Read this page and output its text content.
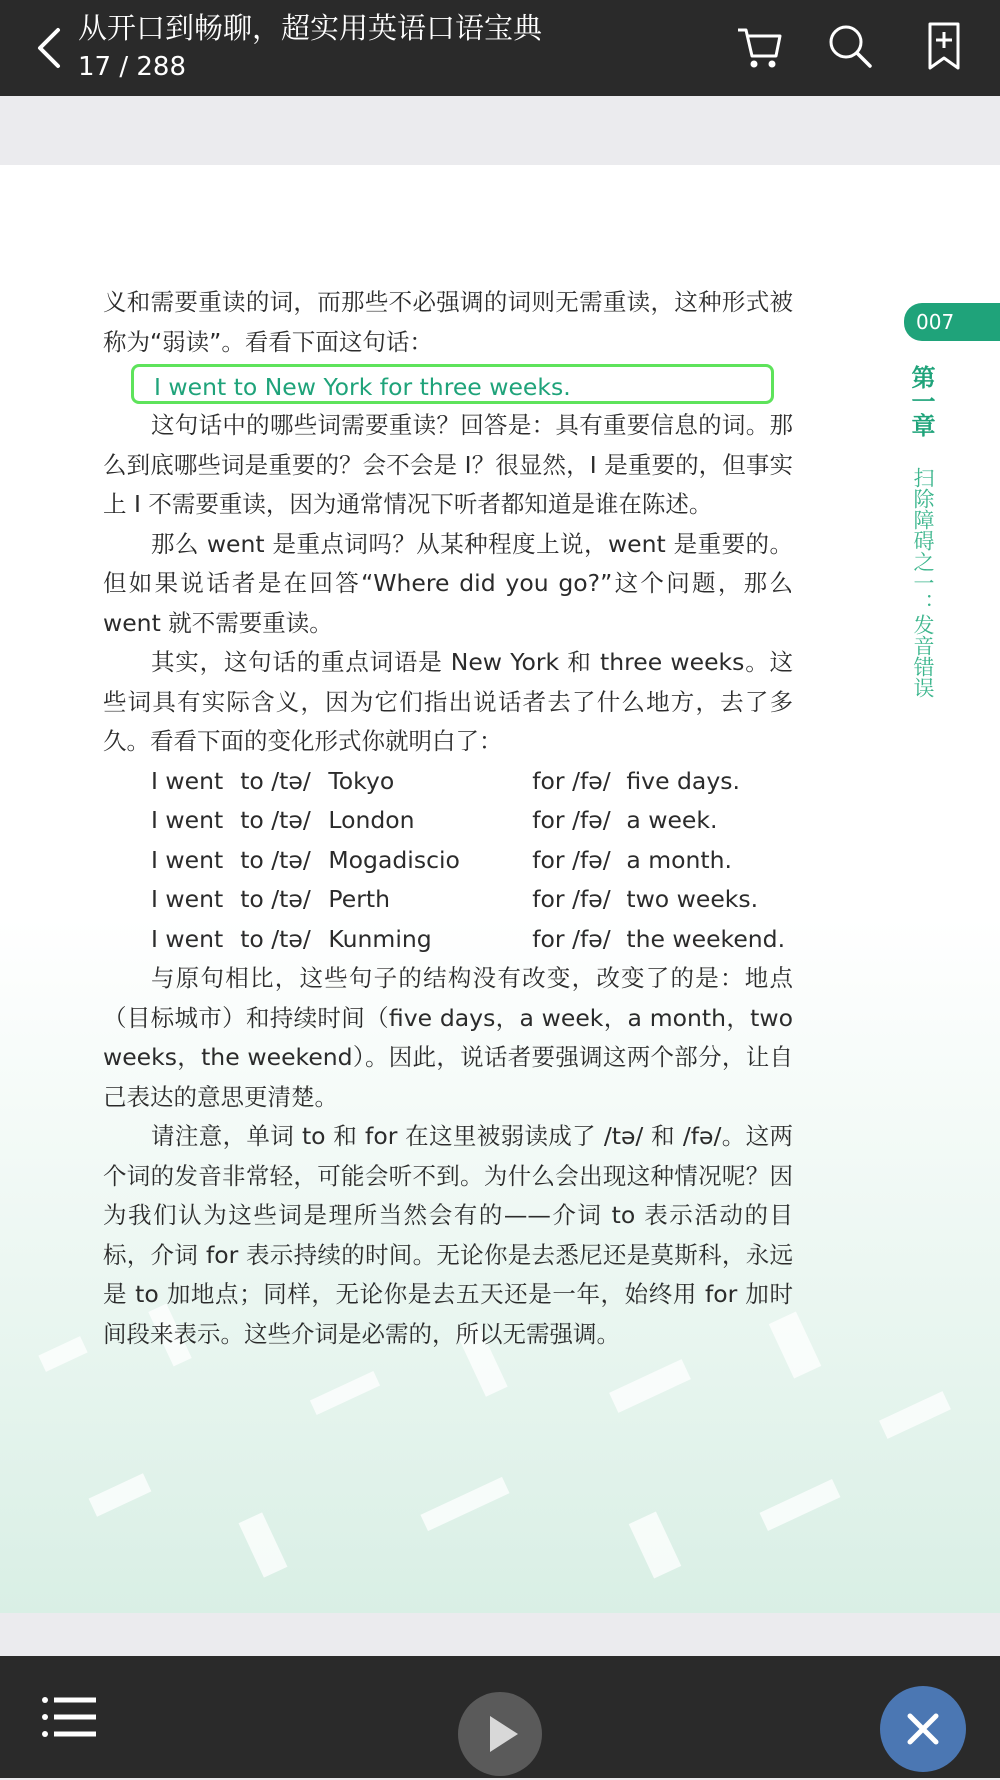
从开口到畅聊，超实用英语口语宝典
17 / 288

义和需要重读的词，而那些不必强调的词则无需重读，这种形式被称为“弱读”。看看下面这句话：

I went to New York for three weeks.

这句话中的哪些词需要重读？回答是：具有重要信息的词。那么到底哪些词是重要的？会不会是 I？很显然，I 是重要的，但事实上 I 不需要重读，因为通常情况下听者都知道是谁在陈述。

那么 went 是重点词吗？从某种程度上说，went 是重要的。但如果说话者是在回答“Where did you go?”这个问题，那么 went 就不需要重读。

其实，这句话的重点词语是 New York 和 three weeks。这些词具有实际含义，因为它们指出说话者去了什么地方，去了多久。看看下面的变化形式你就明白了：

I went to /tə/ Tokyo	for /fə/ five days.
I went to /tə/ London	for /fə/ a week.
I went to /tə/ Mogadiscio	for /fə/ a month.
I went to /tə/ Perth	for /fə/ two weeks.
I went to /tə/ Kunming	for /fə/ the weekend.

与原句相比，这些句子的结构没有改变，改变了的是：地点（目标城市）和持续时间（five days，a week，a month，two weeks，the weekend）。因此，说话者要强调这两个部分，让自己表达的意思更清楚。

请注意，单词 to 和 for 在这里被弱读成了 /tə/ 和 /fə/。这两个词的发音非常轻，可能会听不到。为什么会出现这种情况呢？因为我们认为这些词是理所当然会有的——介词 to 表示活动的目标，介词 for 表示持续的时间。无论你是去悉尼还是莫斯科，永远是 to 加地点；同样，无论你是去五天还是一年，始终用 for 加时间段来表示。这些介词是必需的，所以无需强调。

007
第一章
扫除障碍之一：发音错误
